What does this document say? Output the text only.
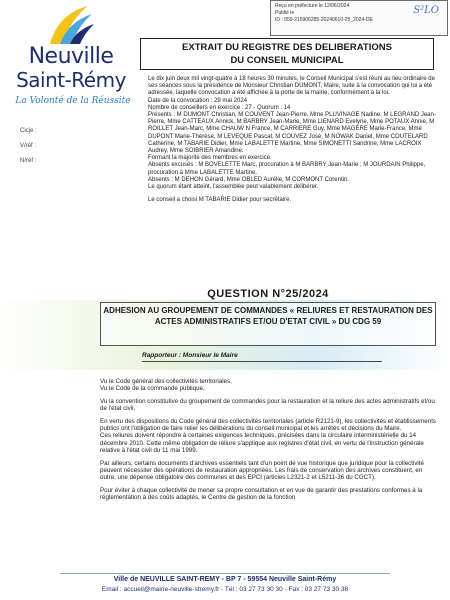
Reçu en préfecture le 12/06/2024
Publié le
ID : 059-215906285-20240610-25_2024-DE
S²LO
Neuville
Saint-Rémy
La Volonté de la Réussite
Cicje :
V/réf :
N/réf :
EXTRAIT DU REGISTRE DES DELIBERATIONS
DU CONSEIL MUNICIPAL

Le dix juin deux mil vingt-quatre à 18 heures 30 minutes, le Conseil Municipal s'est réuni au lieu ordinaire de ses séances sous la présidence de Monsieur Christian DUMONT, Maire, suite à la convocation qui lui a été adressée, laquelle convocation a été affichée à la porte de la mairie, conformément à la loi.

Date de la convocation : 29 mai 2024

Nombre de conseillers en exercice : 27 - Quorum : 14

Présents : M DUMONT Christian, M COUVENT Jean-Pierre, Mme PLUVINAGE Nadine, M LEGRAND Jean-Pierre, Mme CATTEAUX Annick, M BARBRY Jean-Marie, Mme LIENARD Evelyne, Mme POTAUX Annie, M ROILLET Jean-Marc, Mme CHAUW N France, M CARRIERE Guy, Mme MAGERE Marie-France, Mme DUPONT Marie-Thérèse, M LEVEQUE Pascal, M COUVEZ José, M NOWAK Daniel, Mme COUTELARD Catherine, M TABARIE Didier, Mme LABALETTE Martine, Mme SIMONETTI Sandrine, Mme LACROIX Audrey, Mme SOIBRIER Amandine.

Formant la majorité des membres en exercice.

Absents excusés : M BOVELETTE Marc, procuration à M BARBRY Jean-Marie ; M JOURDAIN Philippe, procuration à Mme LABALETTE Martine.

Absents : M DEHON Gérard, Mme OBLED Aurélie, M CORMONT Corentin.

Le quorum étant atteint, l'assemblée peut valablement délibérer.

Le conseil a choisi M TABARIE Didier pour secrétaire.

QUESTION N°25/2024
ADHESION AU GROUPEMENT DE COMMANDES « RELIURES ET RESTAURATION DES ACTES ADMINISTRATIFS ET/OU D'ETAT CIVIL » DU CDG 59
Rapporteur : Monsieur le Maire

Vu le Code général des collectivités territoriales,
Vu le Code de la commande publique,

Vu la convention constitutive du groupement de commandes pour la restauration et la reliure des actes administratifs et/ou de l'état civil,

En vertu des dispositions du Code général des collectivités territoriales (article R2121-9), les collectivités et établissements publics ont l'obligation de faire relier les délibérations du conseil municipal et les arrêtés et décisions du Maire.
Ces reliures doivent répondre à certaines exigences techniques, précisées dans la circulaire interministérielle du 14 décembre 2010. Cette même obligation de reliure s'applique aux registres d'état civil, en vertu de l'instruction générale relative à l'état civil du 11 mai 1999.

Par ailleurs, certains documents d'archives essentiels tant d'un point de vue historique que juridique pour la collectivité peuvent nécessiter des opérations de restauration appropriées. Les frais de conservation des archives constituent, en outre, une dépense obligatoire des communes et des EPCI (articles L2321-2 et L5211-36 du CGCT).

Pour éviter à chaque collectivité de mener sa propre consultation et en vue de garantir des prestations conformes à la réglementation à des coûts adaptés, le Centre de gestion de la fonction

Ville de NEUVILLE SAINT-REMY - BP 7 - 59554 Neuville Saint-Rémy
Email : accueil@mairie-neuville-stremy.fr - Tél : 03 27 73 30 30 - Fax : 03 27 73 30 38
